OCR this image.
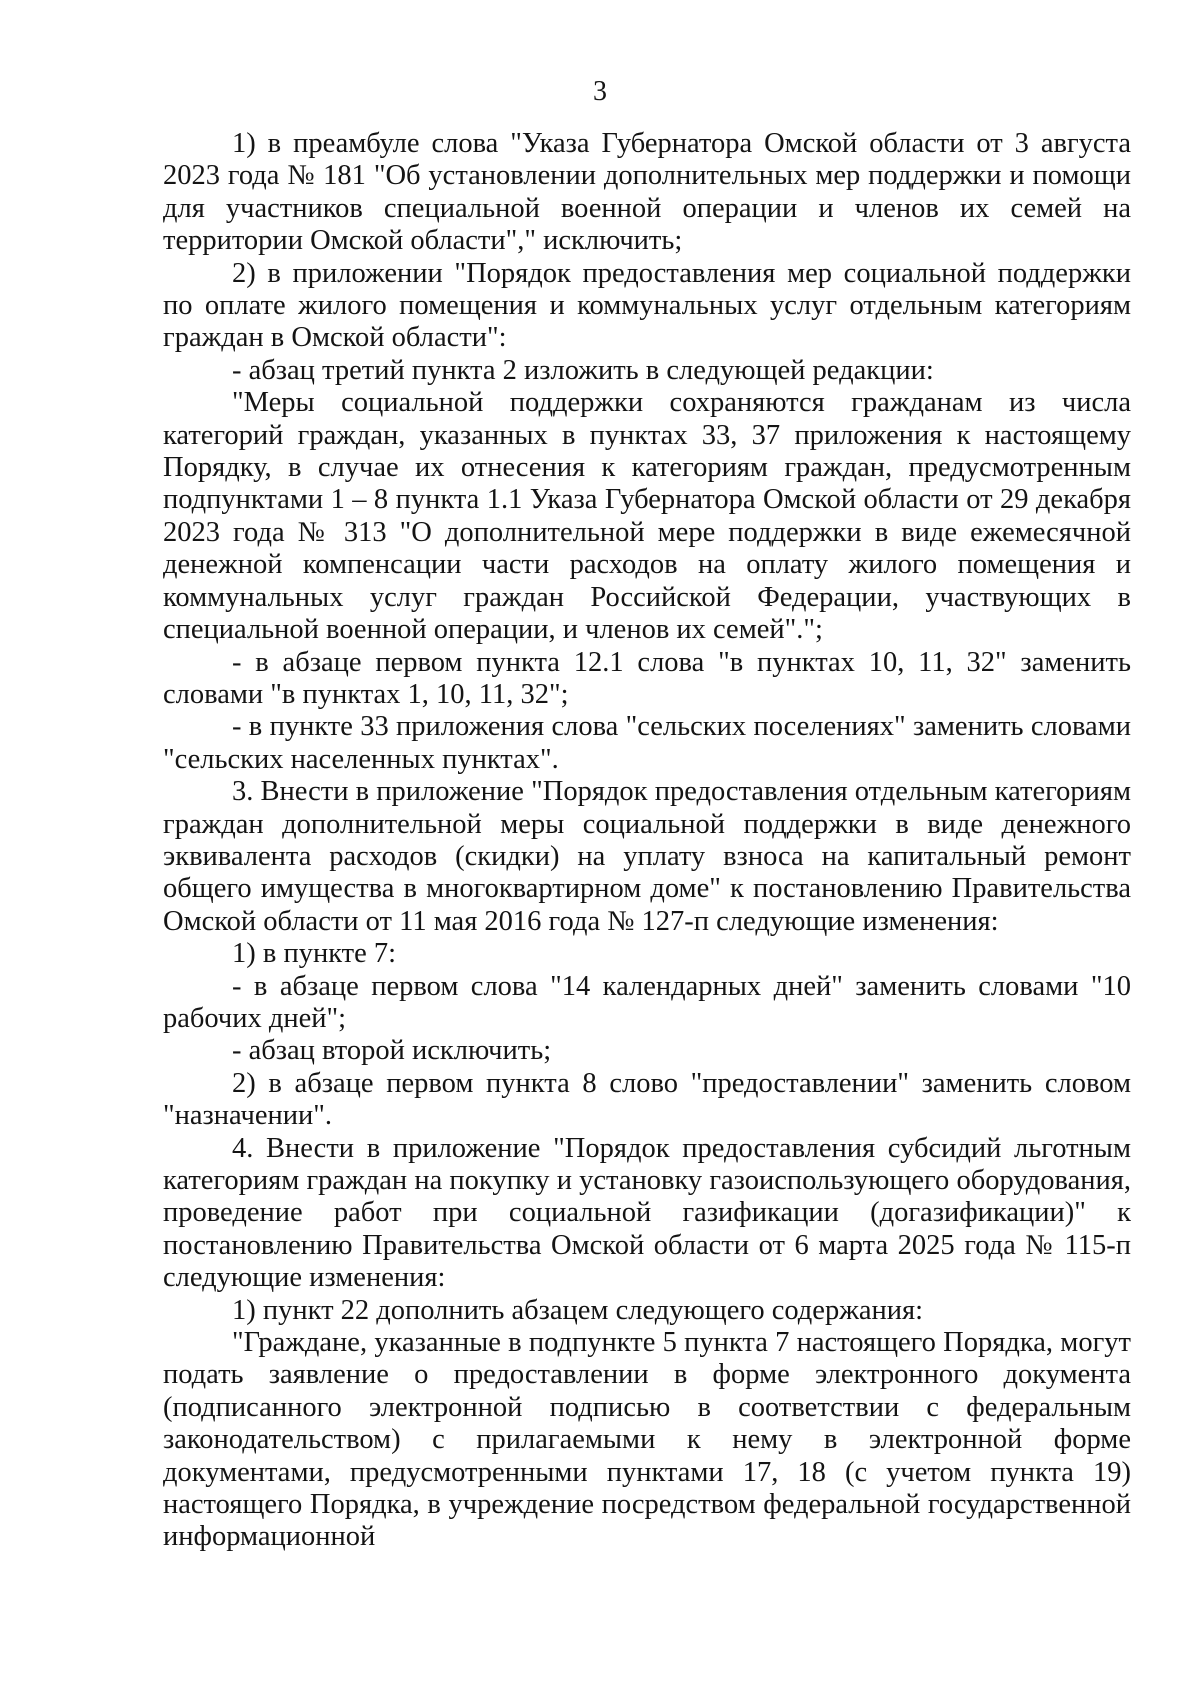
3

1) в преамбуле слова "Указа Губернатора Омской области от 3 августа 2023 года № 181 "Об установлении дополнительных мер поддержки и помощи для участников специальной военной операции и членов их семей на территории Омской области"," исключить;

2) в приложении "Порядок предоставления мер социальной поддержки по оплате жилого помещения и коммунальных услуг отдельным категориям граждан в Омской области":

- абзац третий пункта 2 изложить в следующей редакции:

"Меры социальной поддержки сохраняются гражданам из числа категорий граждан, указанных в пунктах 33, 37 приложения к настоящему Порядку, в случае их отнесения к категориям граждан, предусмотренным подпунктами 1 – 8 пункта 1.1 Указа Губернатора Омской области от 29 декабря 2023 года № 313 "О дополнительной мере поддержки в виде ежемесячной денежной компенсации части расходов на оплату жилого помещения и коммунальных услуг граждан Российской Федерации, участвующих в специальной военной операции, и членов их семей".";

- в абзаце первом пункта 12.1 слова "в пунктах 10, 11, 32" заменить словами "в пунктах 1, 10, 11, 32";

- в пункте 33 приложения слова "сельских поселениях" заменить словами "сельских населенных пунктах".

3. Внести в приложение "Порядок предоставления отдельным категориям граждан дополнительной меры социальной поддержки в виде денежного эквивалента расходов (скидки) на уплату взноса на капитальный ремонт общего имущества в многоквартирном доме" к постановлению Правительства Омской области от 11 мая 2016 года № 127-п следующие изменения:

1) в пункте 7:

- в абзаце первом слова "14 календарных дней" заменить словами "10 рабочих дней";

- абзац второй исключить;

2) в абзаце первом пункта 8 слово "предоставлении" заменить словом "назначении".

4. Внести в приложение "Порядок предоставления субсидий льготным категориям граждан на покупку и установку газоиспользующего оборудования, проведение работ при социальной газификации (догазификации)" к постановлению Правительства Омской области от 6 марта 2025 года № 115-п следующие изменения:

1) пункт 22 дополнить абзацем следующего содержания:

"Граждане, указанные в подпункте 5 пункта 7 настоящего Порядка, могут подать заявление о предоставлении в форме электронного документа (подписанного электронной подписью в соответствии с федеральным законодательством) с прилагаемыми к нему в электронной форме документами, предусмотренными пунктами 17, 18 (с учетом пункта 19) настоящего Порядка, в учреждение посредством федеральной государственной информационной
